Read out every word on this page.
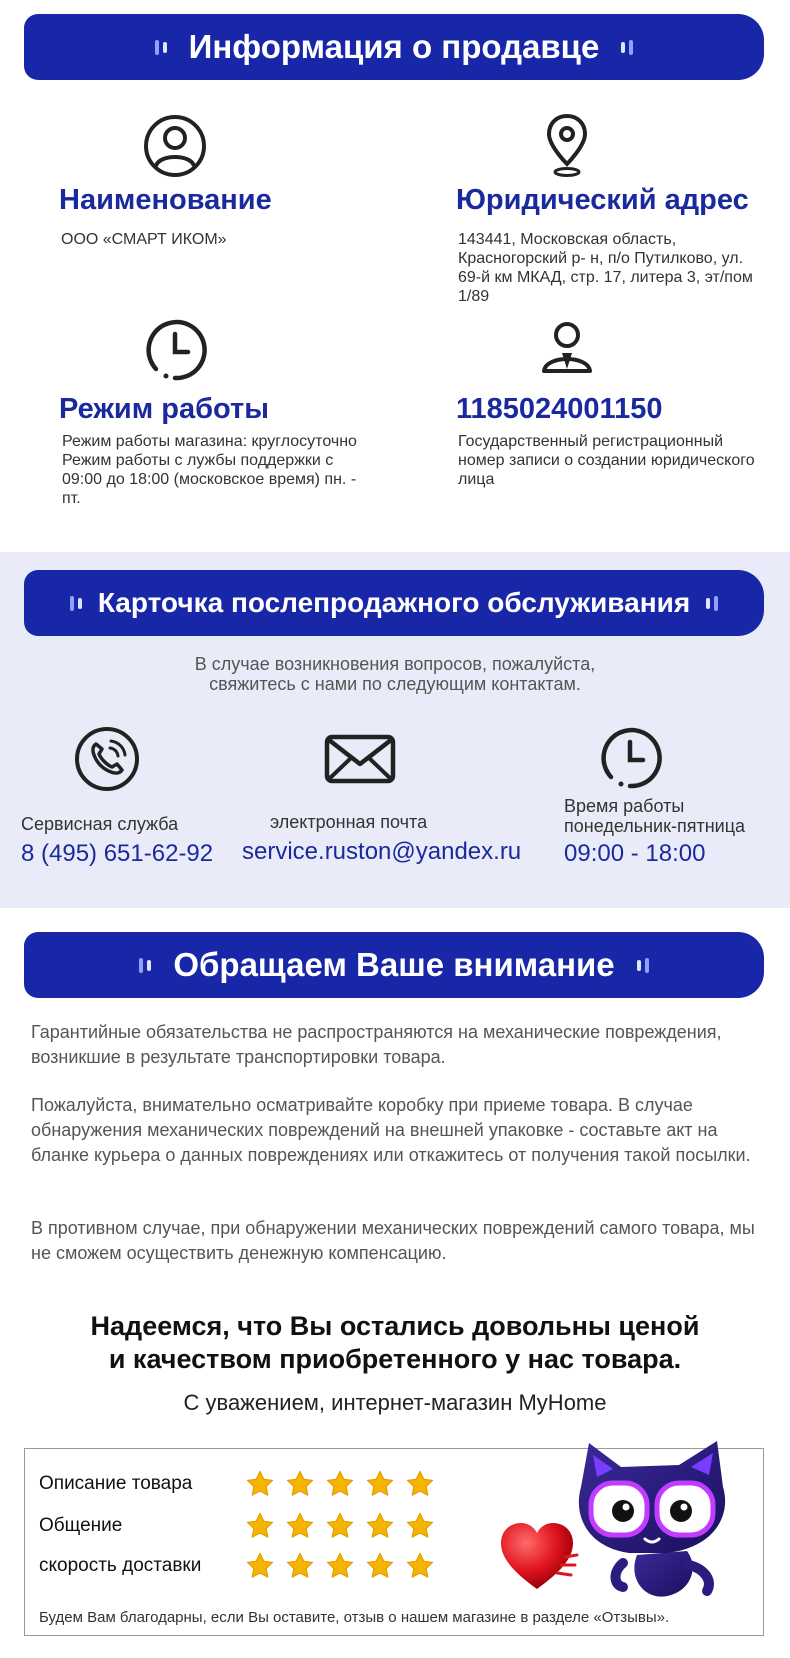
Информация о продавце
Наименование

ООО «СМАРТ ИКОМ»

Юридический адрес

143441, Московская область, Красногорский р- н, п/о Путилково, ул. 69-й км МКАД, стр. 17, литера 3, эт/пом 1/89

Режим работы

Режим работы магазина: круглосуточно Режим работы с лужбы поддержки с 09:00 до 18:00 (московское время) пн. - пт.

1185024001150

Государственный регистрационный номер записи о создании юридического лица

Карточка послепродажного обслуживания
В случае возникновения вопросов, пожалуйста,
свяжитесь с нами по следующим контактам.
Сервисная служба
8 (495) 651-62-92
электронная почта
service.ruston@yandex.ru
Время работы
понедельник-пятница
09:00 - 18:00
Обращаем Ваше внимание

Гарантийные обязательства не распространяются на механические повреждения, возникшие в результате транспортировки товара.

Пожалуйста, внимательно осматривайте коробку при приеме товара. В случае обнаружения механических повреждений на внешней упаковке - составьте акт на бланке курьера о данных повреждениях или откажитесь от получения такой посылки.

В противном случае, при обнаружении механических повреждений самого товара, мы не сможем осуществить денежную компенсацию.

Надеемся, что Вы остались довольны ценой
и качеством приобретенного у нас товара.
С уважением, интернет-магазин MyHome
Описание товара
Общение
скорость доставки
Будем Вам благодарны, если Вы оставите, отзыв о нашем магазине в разделе «Отзывы».
